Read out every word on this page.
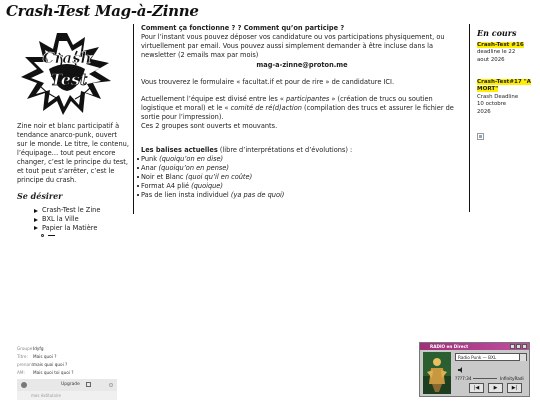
Crash-Test Mag-à-Zinne
Crash
Test

Zine noir et blanc participatif à tendance anarco-punk, ouvert sur le monde. Le titre, le contenu, l’équipage… tout peut encore changer, c’est le principe du test, et tout peut s’arrêter, c’est le principe du crash.

Se désirer
Crash-Test le Zine
BXL la Ville
Papier la Matière
Comment ça fonctionne ? ? Comment qu’on participe ?

Pour l’instant vous pouvez déposer vos candidature ou vos participations physiquement, ou virtuellement par email. Vous pouvez aussi simplement demander à être incluse dans la newsletter (2 emails max par mois)

mag-a-zinne@proton.me

Vous trouverez le formulaire « facultat.if et pour de rire » de candidature ICI.

Actuellement l’équipe est divisé entre les « participantes » (création de trucs ou soutien logistique et moral) et le « comité de ré(d)action (compilation des trucs et assurer le fichier de sortie pour l’impression).

Ces 2 groupes sont ouverts et mouvants.

Les balises actuelles (libre d’interprétations et d’évolutions) :

Punk (quoiqu’on en dise)
Anar (quoiqu’on en pense)
Noir et Blanc (quoi qu’il en coûte)
Format A4 plié (quoique)
Pas de lien insta individuel (ya pas de quoi)
En cours
Crash-Test #16
deadline le 22
aout 2026
Crash-Test#17 "A MORT"
Crash Deadline
10 octobre
2026
Groupe: Idyfg
Titre:	Mais quoi ?
prenant:
mais quoi quoi ?
AM:	Mais quoi toi quoi ?
Upgrade
mes éxtitulaire
RADIO en Direct
Radio Punk — BXL
?7?7:34	InfinityRadi
|◀	▶	▶|
